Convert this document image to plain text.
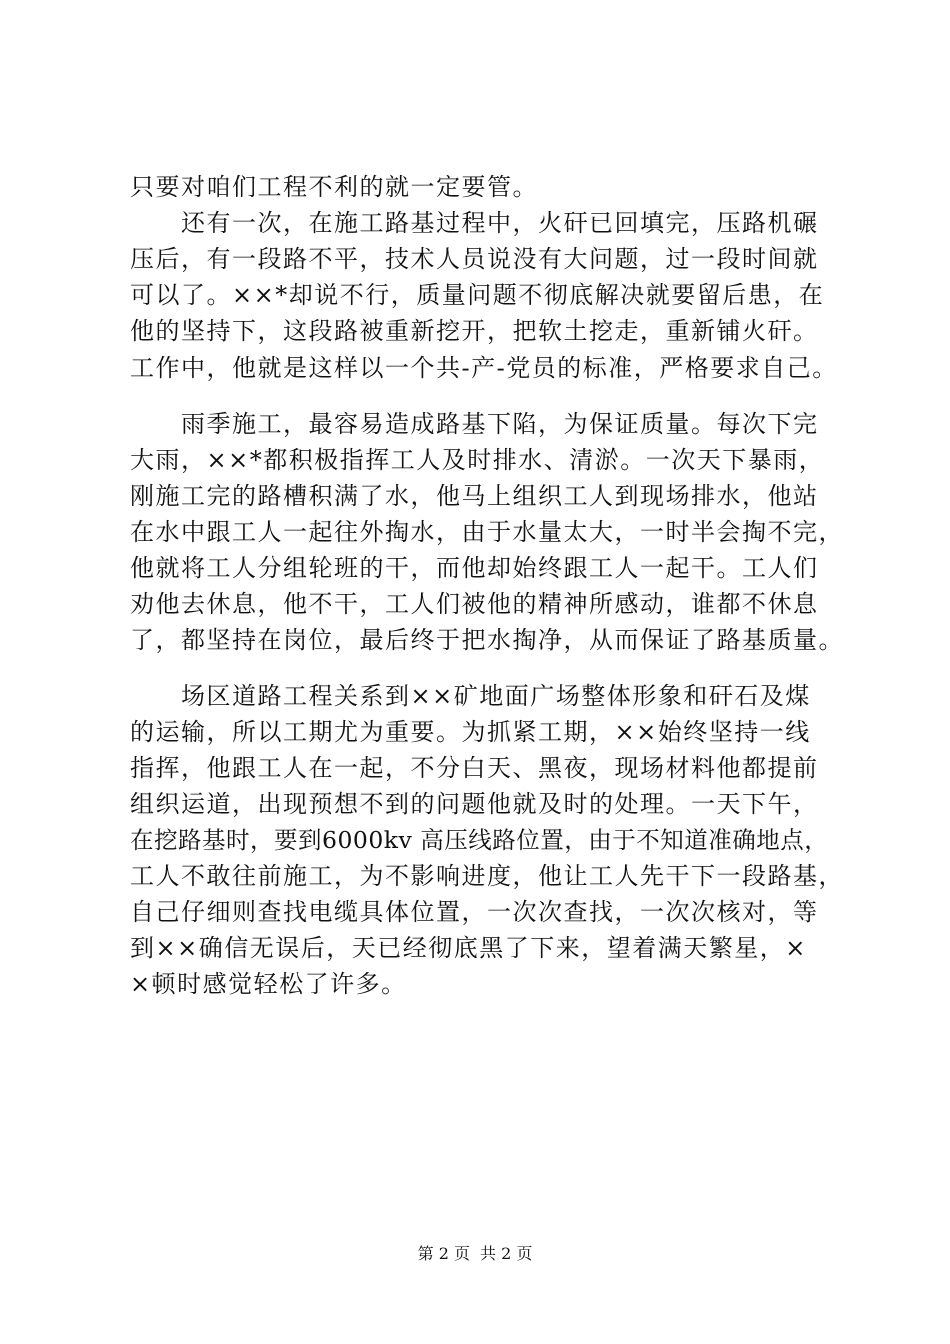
只要对咱们工程不利的就一定要管。
　　还有一次，在施工路基过程中，火矸已回填完，压路机碾
压后，有一段路不平，技术人员说没有大问题，过一段时间就
可以了。××*却说不行，质量问题不彻底解决就要留后患，在
他的坚持下，这段路被重新挖开，把软土挖走，重新铺火矸。
工作中，他就是这样以一个共-产-党员的标准，严格要求自己。
　　雨季施工，最容易造成路基下陷，为保证质量。每次下完
大雨，××*都积极指挥工人及时排水、清淤。一次天下暴雨，
刚施工完的路槽积满了水，他马上组织工人到现场排水，他站
在水中跟工人一起往外掏水，由于水量太大，一时半会掏不完，
他就将工人分组轮班的干，而他却始终跟工人一起干。工人们
劝他去休息，他不干，工人们被他的精神所感动，谁都不休息
了，都坚持在岗位，最后终于把水掏净，从而保证了路基质量。
　　场区道路工程关系到××矿地面广场整体形象和矸石及煤
的运输，所以工期尤为重要。为抓紧工期，××始终坚持一线
指挥，他跟工人在一起，不分白天、黑夜，现场材料他都提前
组织运道，出现预想不到的问题他就及时的处理。一天下午，
在挖路基时，要到6000kv 高压线路位置，由于不知道准确地点，
工人不敢往前施工，为不影响进度，他让工人先干下一段路基，
自己仔细则查找电缆具体位置，一次次查找，一次次核对，等
到××确信无误后，天已经彻底黑了下来，望着满天繁星，×
×顿时感觉轻松了许多。
第 2 页 共 2 页
